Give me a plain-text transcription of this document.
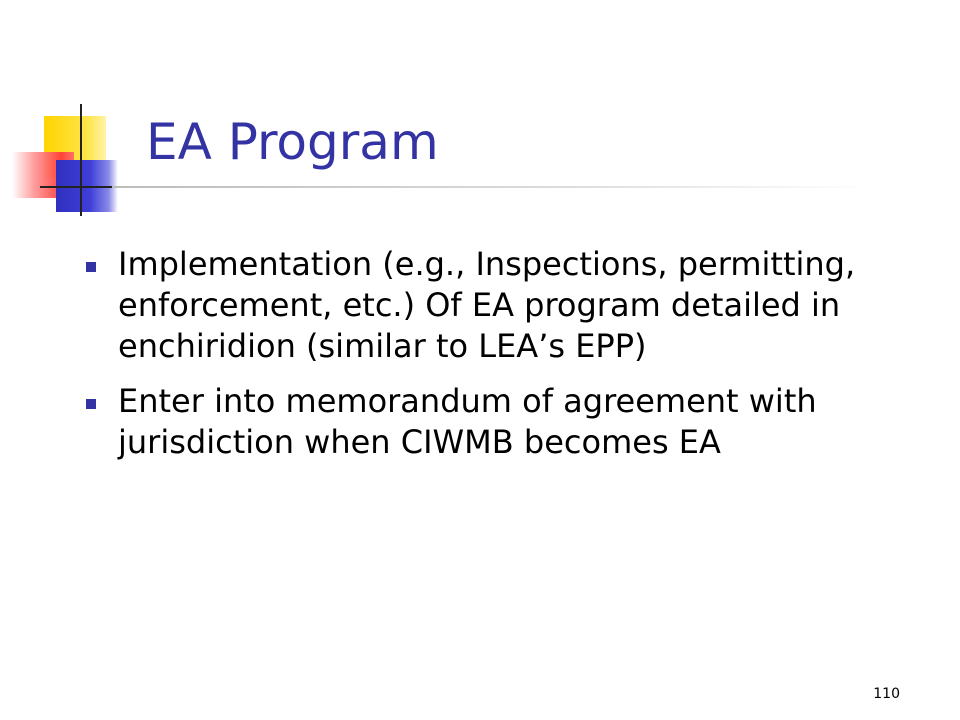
EA Program
Implementation (e.g., Inspections, permitting, enforcement, etc.) Of EA program detailed in enchiridion (similar to LEA’s EPP)
Enter into memorandum of agreement with jurisdiction when CIWMB becomes EA
110
